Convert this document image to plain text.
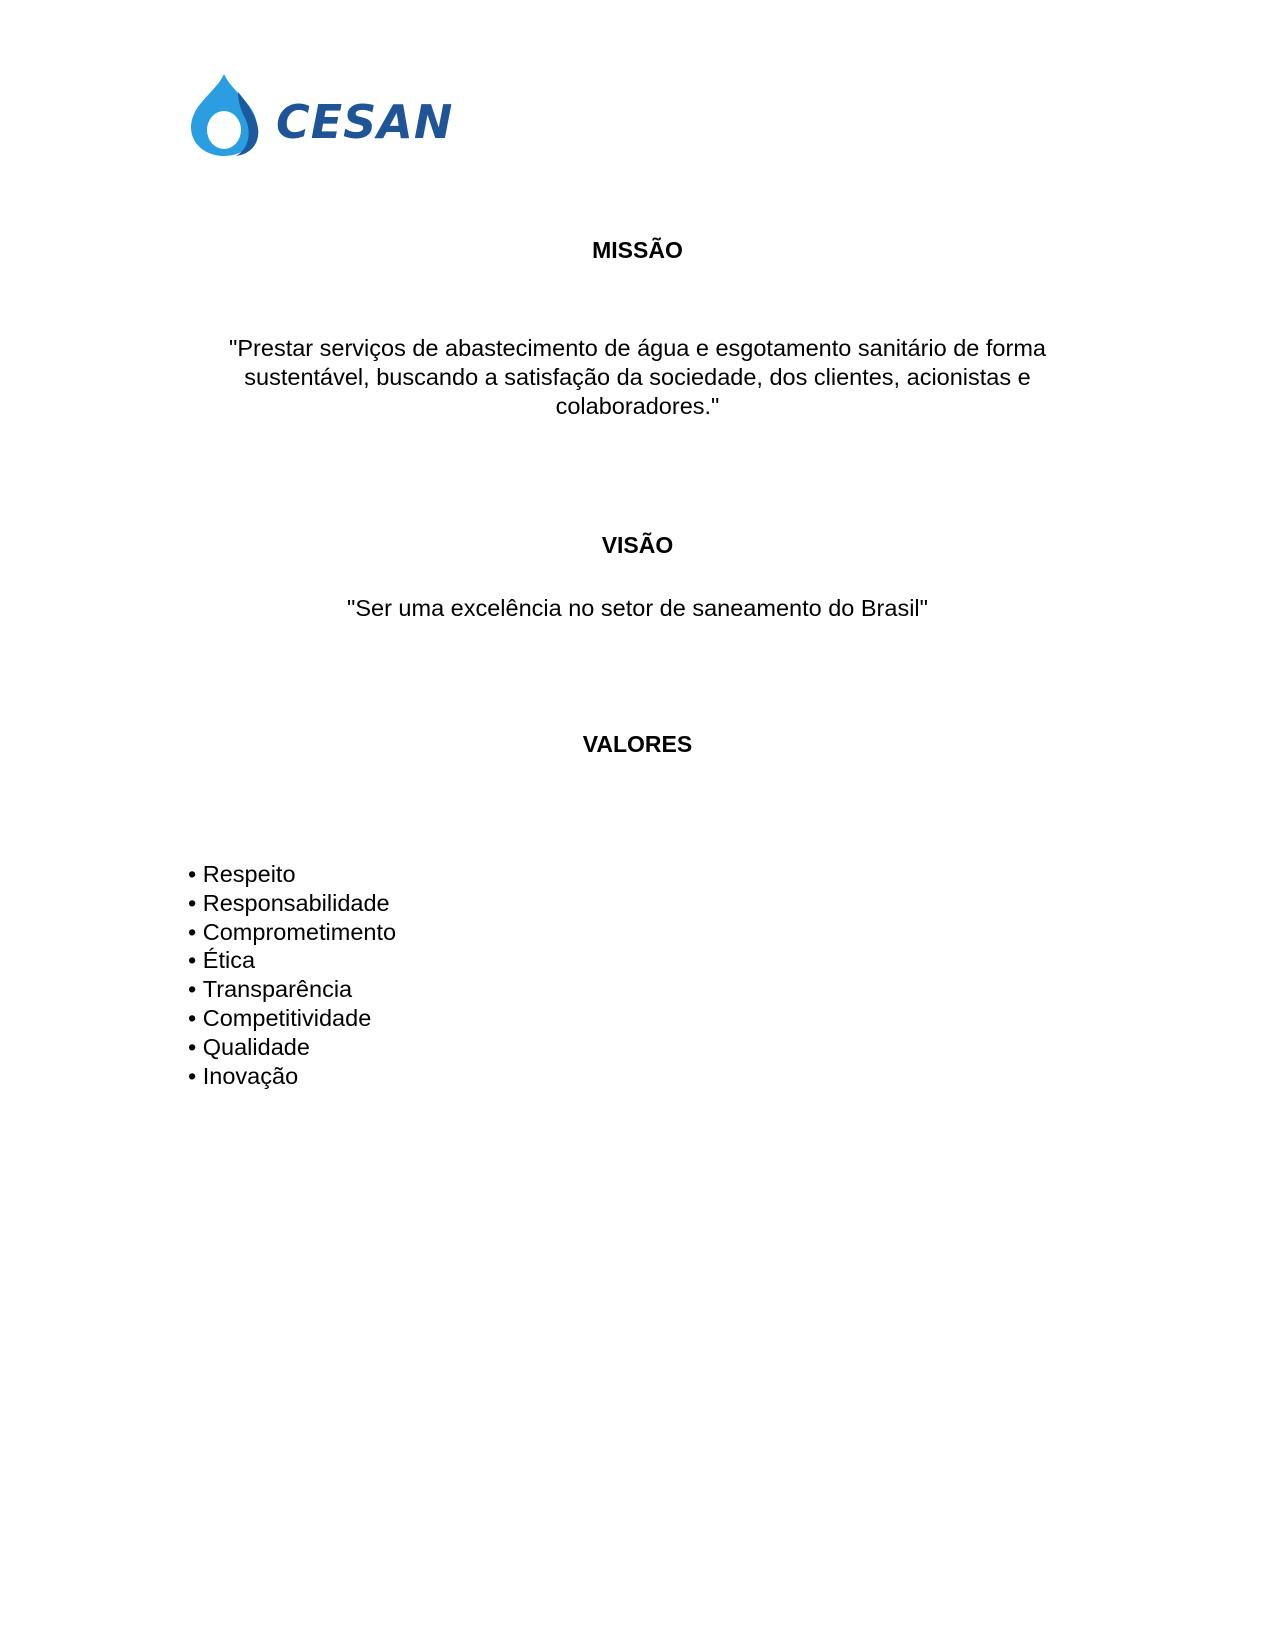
CESAN
MISSÃO

"Prestar serviços de abastecimento de água e esgotamento sanitário de forma sustentável, buscando a satisfação da sociedade, dos clientes, acionistas e colaboradores."

VISÃO

"Ser uma excelência no setor de saneamento do Brasil"

VALORES
• Respeito
• Responsabilidade
• Comprometimento
• Ética
• Transparência
• Competitividade
• Qualidade
• Inovação
